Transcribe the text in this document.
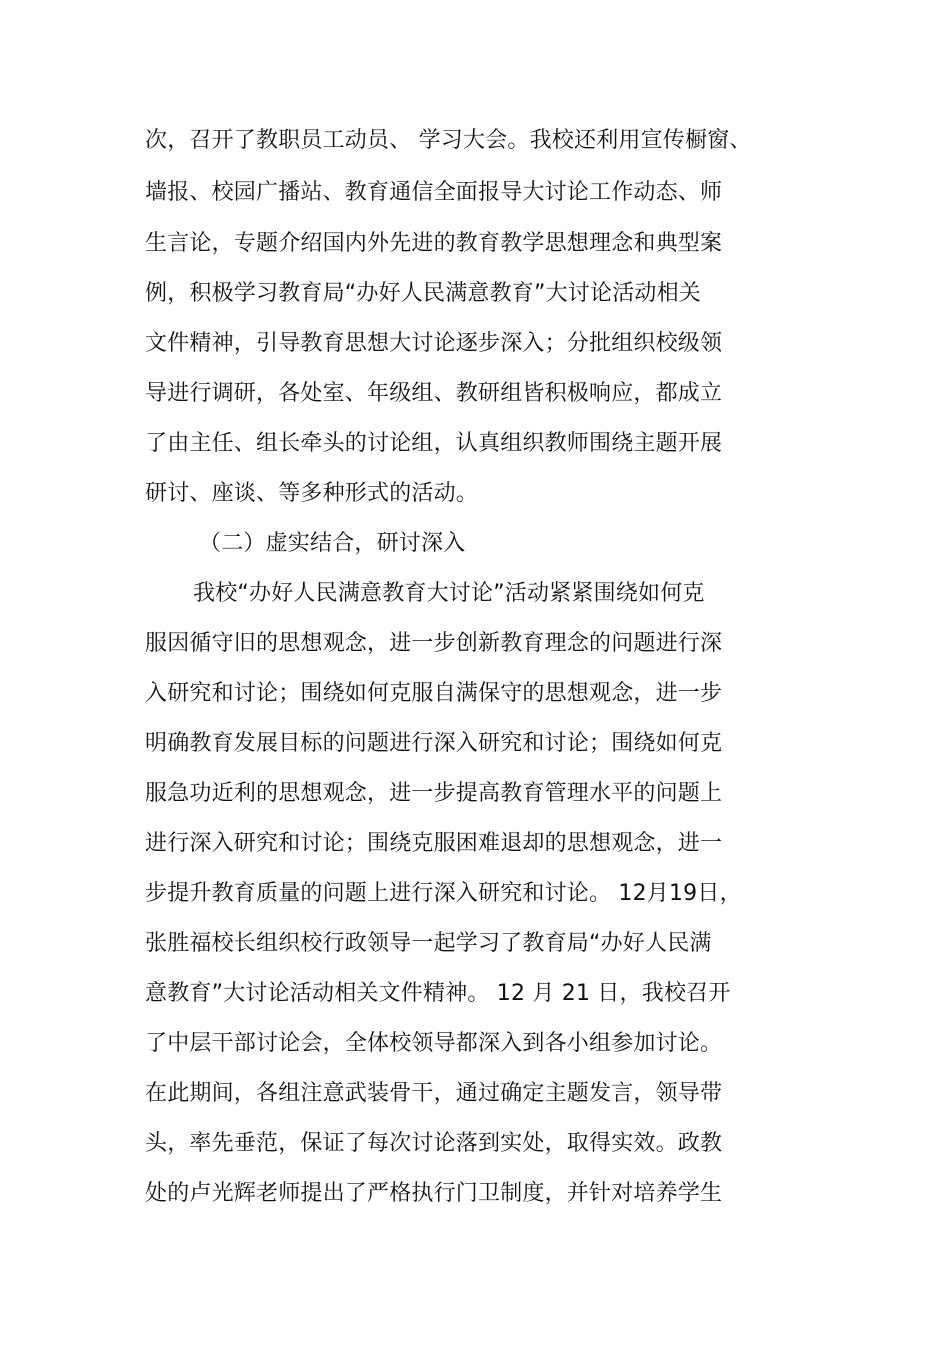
次，召开了教职员工动员、 学习大会。我校还利用宣传橱窗、
墙报、校园广播站、教育通信全面报导大讨论工作动态、师
生言论，专题介绍国内外先进的教育教学思想理念和典型案
例，积极学习教育局“办好人民满意教育”大讨论活动相关
文件精神，引导教育思想大讨论逐步深入；分批组织校级领
导进行调研，各处室、年级组、教研组皆积极响应，都成立
了由主任、组长牵头的讨论组，认真组织教师围绕主题开展
研讨、座谈、等多种形式的活动。
（二）虚实结合，研讨深入
我校“办好人民满意教育大讨论”活动紧紧围绕如何克
服因循守旧的思想观念，进一步创新教育理念的问题进行深
入研究和讨论；围绕如何克服自满保守的思想观念，进一步
明确教育发展目标的问题进行深入研究和讨论；围绕如何克
服急功近利的思想观念，进一步提高教育管理水平的问题上
进行深入研究和讨论；围绕克服困难退却的思想观念，进一
步提升教育质量的问题上进行深入研究和讨论。 12月19日，
张胜福校长组织校行政领导一起学习了教育局“办好人民满
意教育”大讨论活动相关文件精神。 12 月 21 日，我校召开
了中层干部讨论会，全体校领导都深入到各小组参加讨论。
在此期间，各组注意武装骨干，通过确定主题发言，领导带
头，率先垂范，保证了每次讨论落到实处，取得实效。政教
处的卢光辉老师提出了严格执行门卫制度，并针对培养学生
